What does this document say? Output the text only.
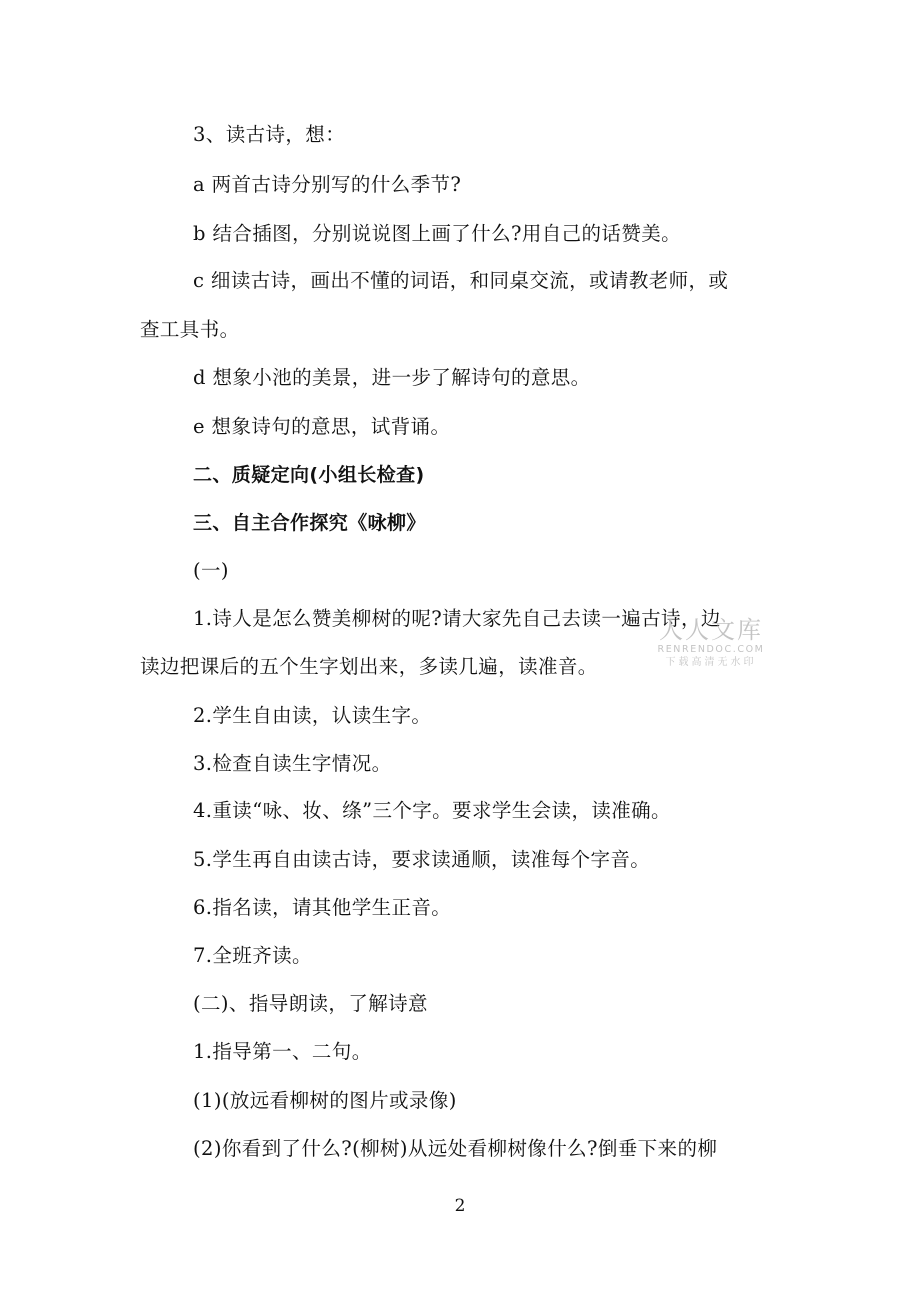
3、读古诗，想：
a 两首古诗分别写的什么季节?
b 结合插图，分别说说图上画了什么?用自己的话赞美。
c 细读古诗，画出不懂的词语，和同桌交流，或请教老师，或
查工具书。
d 想象小池的美景，进一步了解诗句的意思。
e 想象诗句的意思，试背诵。
二、质疑定向(小组长检查)
三、自主合作探究《咏柳》
(一)
1.诗人是怎么赞美柳树的呢?请大家先自己去读一遍古诗，边
读边把课后的五个生字划出来，多读几遍，读准音。
2.学生自由读，认读生字。
3.检查自读生字情况。
4.重读“咏、妆、绦”三个字。要求学生会读，读准确。
5.学生再自由读古诗，要求读通顺，读准每个字音。
6.指名读，请其他学生正音。
7.全班齐读。
(二)、指导朗读，了解诗意
1.指导第一、二句。
(1)(放远看柳树的图片或录像)
(2)你看到了什么?(柳树)从远处看柳树像什么?倒垂下来的柳
人人文库
RENRENDOC.COM
下载高清无水印
2
